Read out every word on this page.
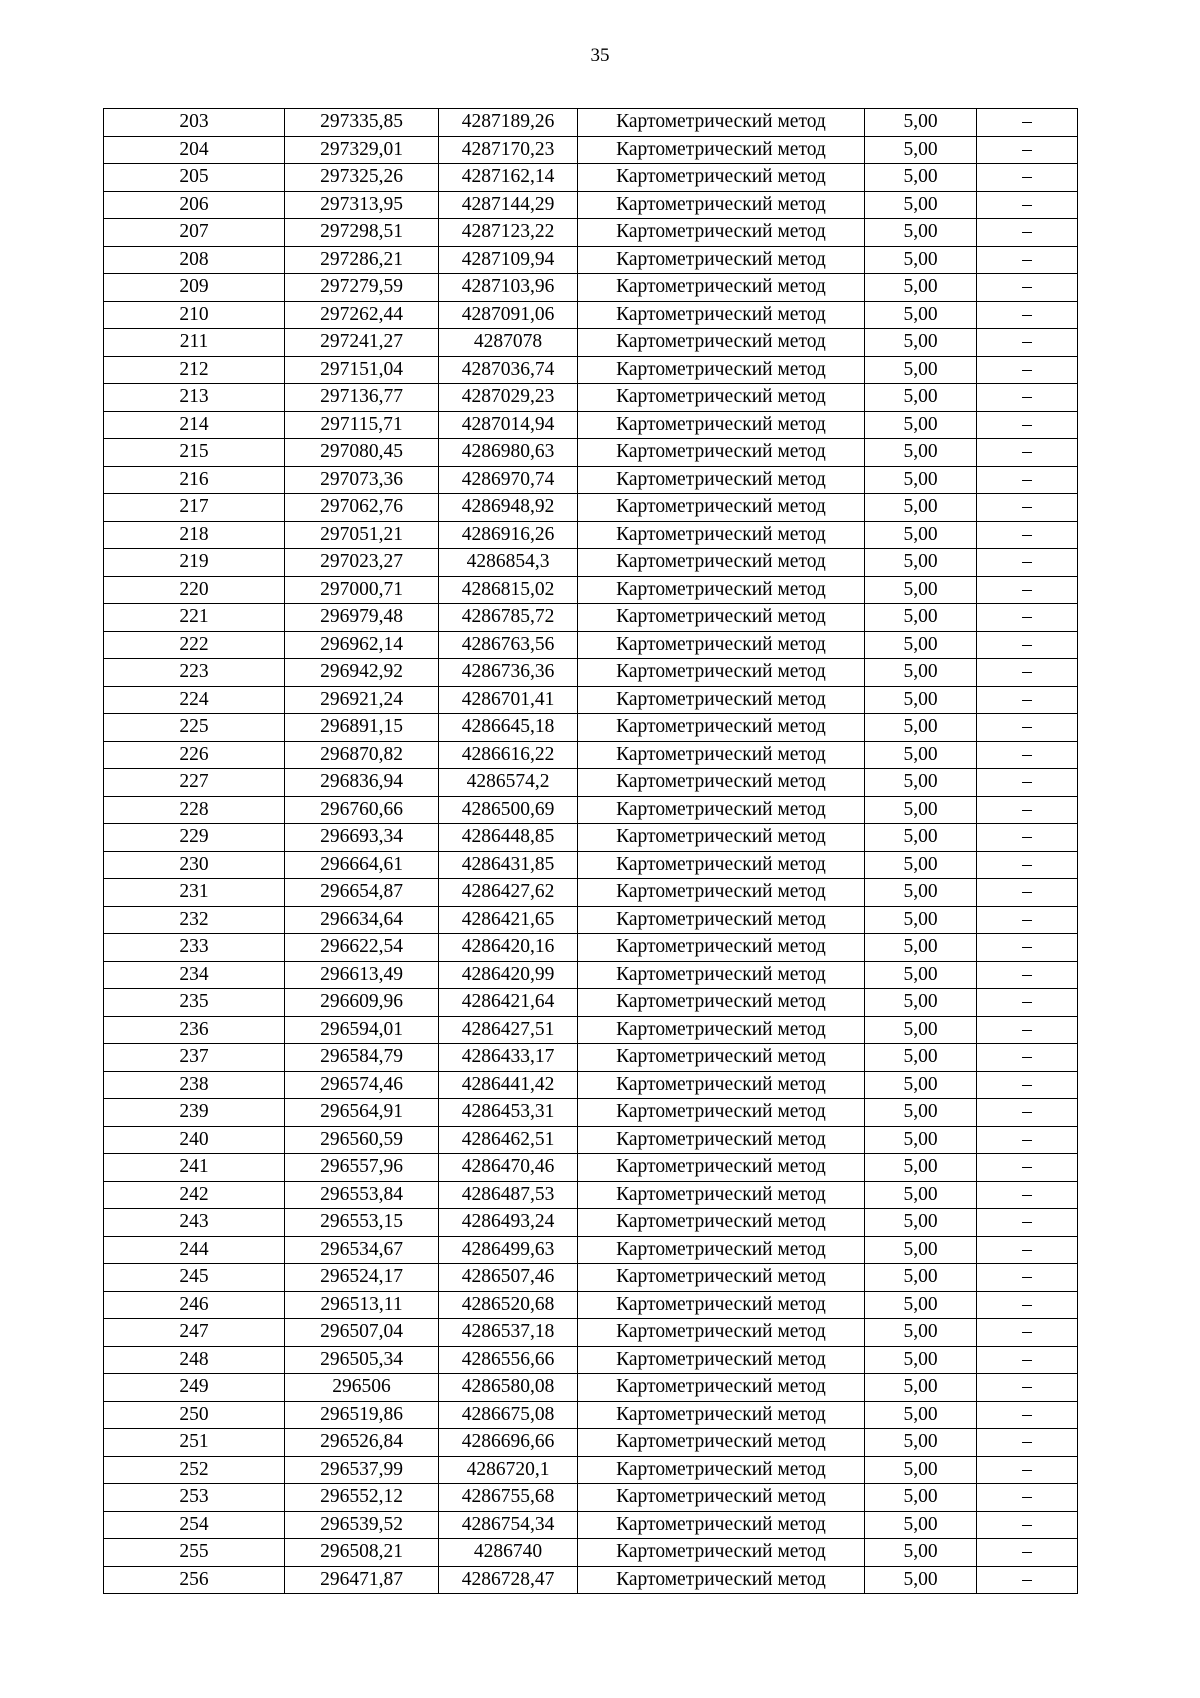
35
203	297335,85	4287189,26	Картометрический метод	5,00	–
204	297329,01	4287170,23	Картометрический метод	5,00	–
205	297325,26	4287162,14	Картометрический метод	5,00	–
206	297313,95	4287144,29	Картометрический метод	5,00	–
207	297298,51	4287123,22	Картометрический метод	5,00	–
208	297286,21	4287109,94	Картометрический метод	5,00	–
209	297279,59	4287103,96	Картометрический метод	5,00	–
210	297262,44	4287091,06	Картометрический метод	5,00	–
211	297241,27	4287078	Картометрический метод	5,00	–
212	297151,04	4287036,74	Картометрический метод	5,00	–
213	297136,77	4287029,23	Картометрический метод	5,00	–
214	297115,71	4287014,94	Картометрический метод	5,00	–
215	297080,45	4286980,63	Картометрический метод	5,00	–
216	297073,36	4286970,74	Картометрический метод	5,00	–
217	297062,76	4286948,92	Картометрический метод	5,00	–
218	297051,21	4286916,26	Картометрический метод	5,00	–
219	297023,27	4286854,3	Картометрический метод	5,00	–
220	297000,71	4286815,02	Картометрический метод	5,00	–
221	296979,48	4286785,72	Картометрический метод	5,00	–
222	296962,14	4286763,56	Картометрический метод	5,00	–
223	296942,92	4286736,36	Картометрический метод	5,00	–
224	296921,24	4286701,41	Картометрический метод	5,00	–
225	296891,15	4286645,18	Картометрический метод	5,00	–
226	296870,82	4286616,22	Картометрический метод	5,00	–
227	296836,94	4286574,2	Картометрический метод	5,00	–
228	296760,66	4286500,69	Картометрический метод	5,00	–
229	296693,34	4286448,85	Картометрический метод	5,00	–
230	296664,61	4286431,85	Картометрический метод	5,00	–
231	296654,87	4286427,62	Картометрический метод	5,00	–
232	296634,64	4286421,65	Картометрический метод	5,00	–
233	296622,54	4286420,16	Картометрический метод	5,00	–
234	296613,49	4286420,99	Картометрический метод	5,00	–
235	296609,96	4286421,64	Картометрический метод	5,00	–
236	296594,01	4286427,51	Картометрический метод	5,00	–
237	296584,79	4286433,17	Картометрический метод	5,00	–
238	296574,46	4286441,42	Картометрический метод	5,00	–
239	296564,91	4286453,31	Картометрический метод	5,00	–
240	296560,59	4286462,51	Картометрический метод	5,00	–
241	296557,96	4286470,46	Картометрический метод	5,00	–
242	296553,84	4286487,53	Картометрический метод	5,00	–
243	296553,15	4286493,24	Картометрический метод	5,00	–
244	296534,67	4286499,63	Картометрический метод	5,00	–
245	296524,17	4286507,46	Картометрический метод	5,00	–
246	296513,11	4286520,68	Картометрический метод	5,00	–
247	296507,04	4286537,18	Картометрический метод	5,00	–
248	296505,34	4286556,66	Картометрический метод	5,00	–
249	296506	4286580,08	Картометрический метод	5,00	–
250	296519,86	4286675,08	Картометрический метод	5,00	–
251	296526,84	4286696,66	Картометрический метод	5,00	–
252	296537,99	4286720,1	Картометрический метод	5,00	–
253	296552,12	4286755,68	Картометрический метод	5,00	–
254	296539,52	4286754,34	Картометрический метод	5,00	–
255	296508,21	4286740	Картометрический метод	5,00	–
256	296471,87	4286728,47	Картометрический метод	5,00	–
